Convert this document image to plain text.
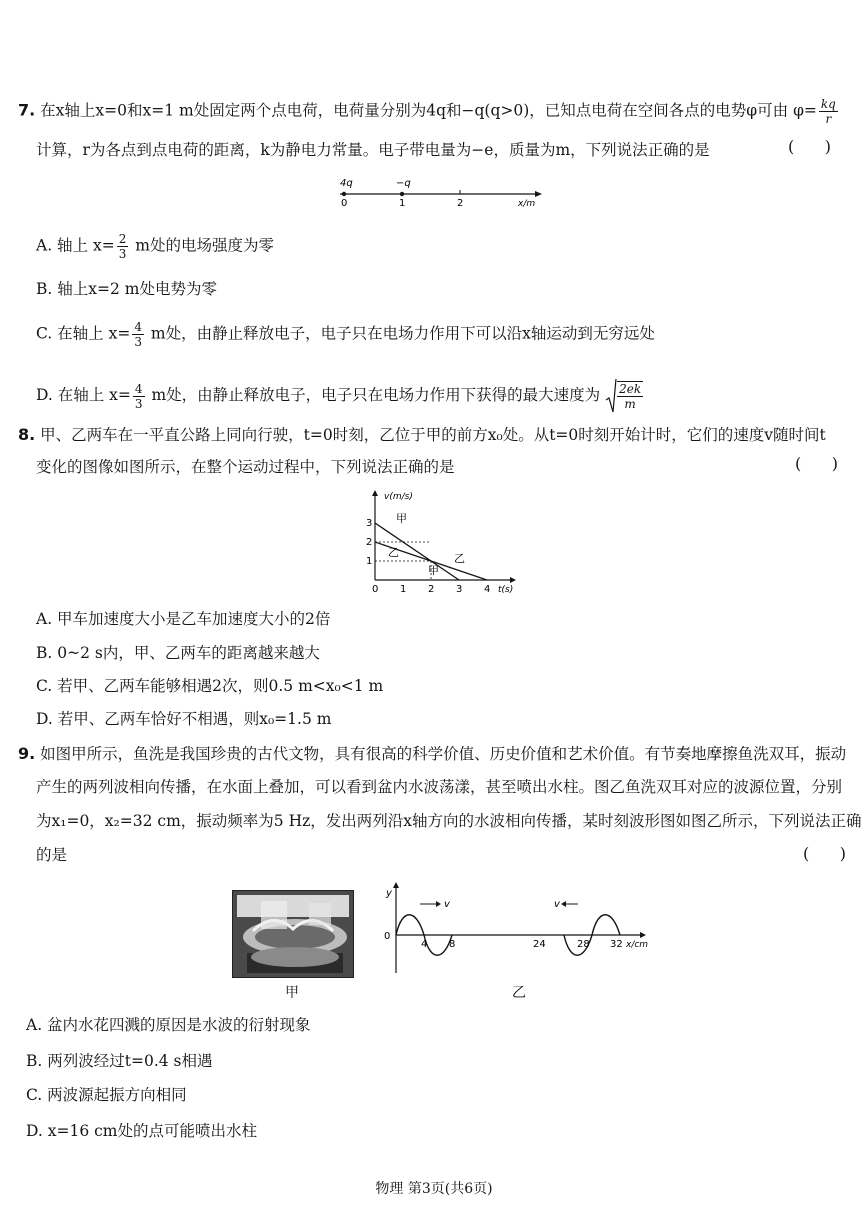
7. 在x轴上x=0和x=1 m处固定两个点电荷，电荷量分别为4q和−q(q>0)，已知点电荷在空间各点的电势φ可由 $\varphi= \frac{kq}{r}$
计算，r为各点到点电荷的距离，k为静电力常量。电子带电量为−e，质量为m，下列说法正确的是	(      )
4q	−q
0	1	2	x/m
A. 轴上 $x= \frac{2}{3}$ m处的电场强度为零
B. 轴上x=2 m处电势为零
C. 在轴上 $x= \frac{4}{3}$ m处，由静止释放电子，电子只在电场力作用下可以沿x轴运动到无穷远处
D. 在轴上 $x= \frac{4}{3}$ m处，由静止释放电子，电子只在电场力作用下获得的最大速度为 $\frac{2ek}{m}$
8. 甲、乙两车在一平直公路上同向行驶，t=0时刻，乙位于甲的前方x₀处。从t=0时刻开始计时，它们的速度v随时间t
变化的图像如图所示，在整个运动过程中，下列说法正确的是	(      )
v(m/s)
t(s)
0 1 2 3 4
1
2
3 甲
乙	乙
甲
A. 甲车加速度大小是乙车加速度大小的2倍
B. 0~2 s内，甲、乙两车的距离越来越大
C. 若甲、乙两车能够相遇2次，则0.5 m<x₀<1 m
D. 若甲、乙两车恰好不相遇，则x₀=1.5 m
9. 如图甲所示，鱼洗是我国珍贵的古代文物，具有很高的科学价值、历史价值和艺术价值。有节奏地摩擦鱼洗双耳，振动
产生的两列波相向传播，在水面上叠加，可以看到盆内水波荡漾，甚至喷出水柱。图乙鱼洗双耳对应的波源位置，分别
为x₁=0，x₂=32 cm，振动频率为5 Hz，发出两列沿x轴方向的水波相向传播，某时刻波形图如图乙所示，下列说法正确
的是	(      )
甲
y
0
v	v
4 8	24	28 32 x/cm
乙
A. 盆内水花四溅的原因是水波的衍射现象
B. 两列波经过t=0.4 s相遇
C. 两波源起振方向相同
D. x=16 cm处的点可能喷出水柱
物理 第3页(共6页)
